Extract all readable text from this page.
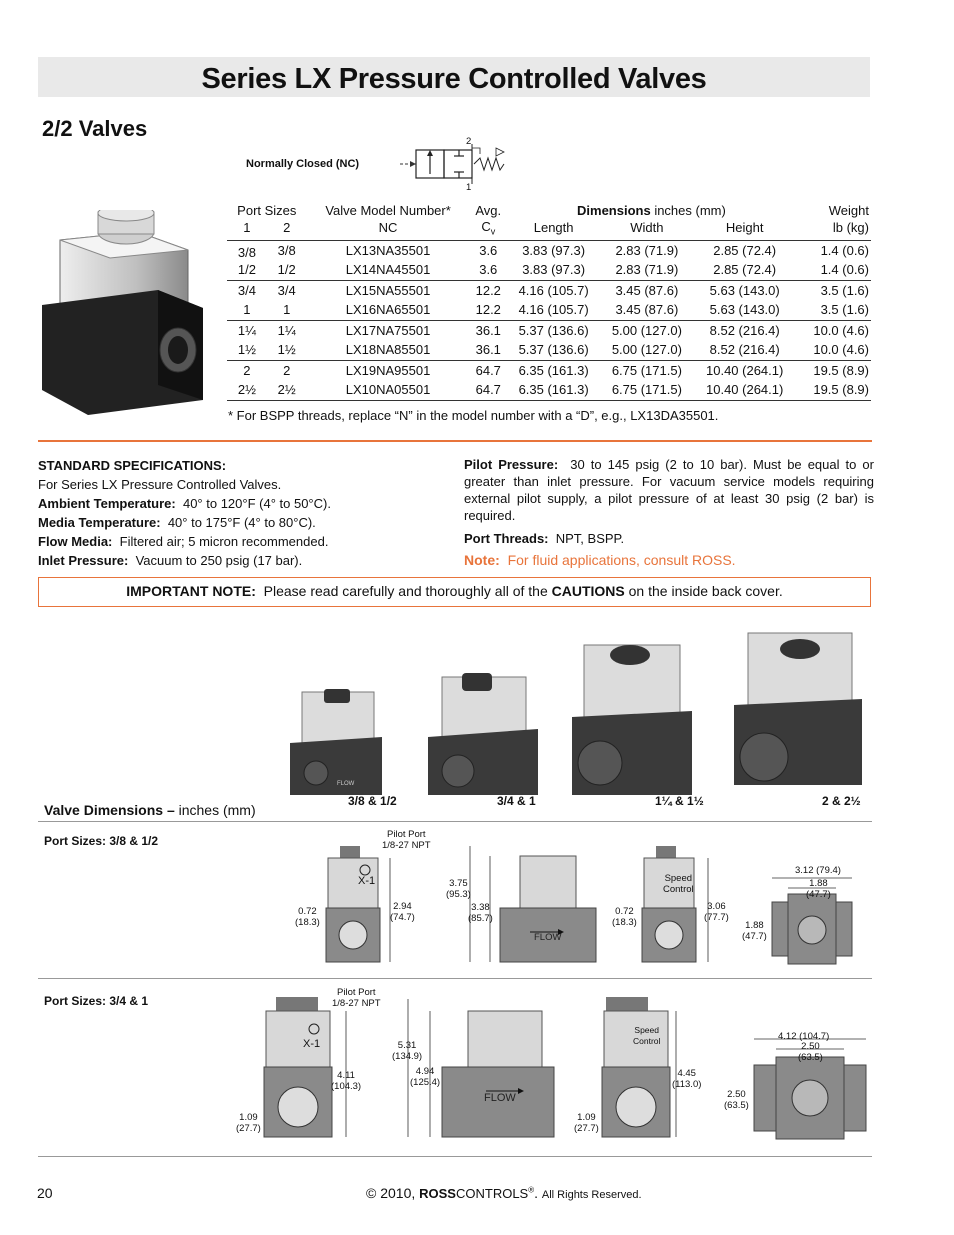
Series LX Pressure Controlled Valves
2/2 Valves
Normally Closed (NC)
2
1
Port Sizes		Valve Model Number*	Avg.	Dimensions inches (mm)			Weight
1	2	NC	$C_v$	Length	Width	Height	lb (kg)
3/8	3/8	LX13NA35501	3.6	3.83 (97.3)	2.83 (71.9)	2.85 (72.4)	1.4 (0.6)
1/2	1/2	LX14NA45501	3.6	3.83 (97.3)	2.83 (71.9)	2.85 (72.4)	1.4 (0.6)
3/4	3/4	LX15NA55501	12.2	4.16 (105.7)	3.45 (87.6)	5.63 (143.0)	3.5 (1.6)
1	1	LX16NA65501	12.2	4.16 (105.7)	3.45 (87.6)	5.63 (143.0)	3.5 (1.6)
1¼	1¼	LX17NA75501	36.1	5.37 (136.6)	5.00 (127.0)	8.52 (216.4)	10.0 (4.6)
1½	1½	LX18NA85501	36.1	5.37 (136.6)	5.00 (127.0)	8.52 (216.4)	10.0 (4.6)
2	2	LX19NA95501	64.7	6.35 (161.3)	6.75 (171.5)	10.40 (264.1)	19.5 (8.9)
2½	2½	LX10NA05501	64.7	6.35 (161.3)	6.75 (171.5)	10.40 (264.1)	19.5 (8.9)
* For BSPP threads, replace “N” in the model number with a “D”, e.g., LX13DA35501.
STANDARD SPECIFICATIONS:
For Series LX Pressure Controlled Valves.
Ambient Temperature: 40° to 120°F (4° to 50°C).
Media Temperature: 40° to 175°F (4° to 80°C).
Flow Media: Filtered air; 5 micron recommended.
Inlet Pressure: Vacuum to 250 psig (17 bar).
Pilot Pressure: 30 to 145 psig (2 to 10 bar). Must be equal to or greater than inlet pressure. For vacuum service models requiring external pilot supply, a pilot pressure of at least 30 psig (2 bar) is required.
Port Threads: NPT, BSPP.
Note: For fluid applications, consult ROSS.
IMPORTANT NOTE: Please read carefully and thoroughly all of the CAUTIONS on the inside back cover.
FLOW
3/8 & 1/2	3/4 & 1	1¼ & 1½	2 & 2½
Valve Dimensions – inches (mm)
Port Sizes: 3/8 & 1/2	Pilot Port
1/8-27 NPT
X-1
0.72
(18.3)
2.94
(74.7)
3.75
(95.3)
3.38
(85.7)
FLOW
Speed
Control
0.72
(18.3)
3.06
(77.7)
3.12 (79.4)
1.88
(47.7)
1.88
(47.7)
Port Sizes: 3/4 & 1
Pilot Port
1/8-27 NPT
X-1
1.09
(27.7)
4.11
(104.3)
5.31
(134.9)
4.94
(125.4)
FLOW
Speed
Control
1.09
(27.7)
4.45
(113.0)
4.12 (104.7)
2.50
(63.5)
2.50
(63.5)
20	© 2010, ROSSCONTROLS®. All Rights Reserved.
